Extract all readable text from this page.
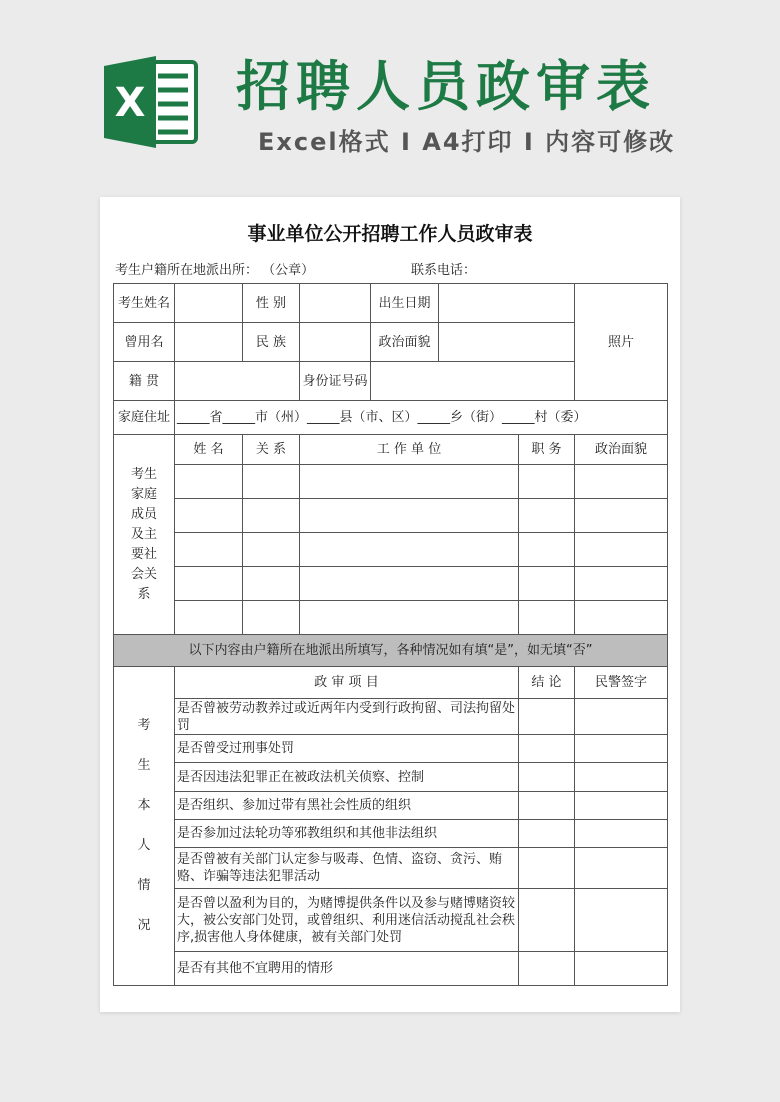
X 招聘人员政审表
Excel格式 I A4打印 I 内容可修改
事业单位公开招聘工作人员政审表
考生户籍所在地派出所： （公章）	联系电话：
考生姓名		性 别		出生日期			照片
曾用名		民 族		政治面貌			
籍 贯			身份证号码				
家庭住址	_____省_____市（州）_____县（市、区）_____乡（街）_____村（委）						

考生家庭成员及主要社会关系	姓 名	关 系	工 作 单 位			职 务	政治面貌

以下内容由户籍所在地派出所填写，各种情况如有填“是”，如无填“否”							

考生本人情况	政 审 项 目					结 论	民警签字
	是否曾被劳动教养过或近两年内受到行政拘留、司法拘留处罚						
	是否曾受过刑事处罚						
	是否因违法犯罪正在被政法机关侦察、控制						
	是否组织、参加过带有黑社会性质的组织						
	是否参加过法轮功等邪教组织和其他非法组织						
	是否曾被有关部门认定参与吸毒、色情、盗窃、贪污、贿赂、诈骗等违法犯罪活动						
	是否曾以盈利为目的，为赌博提供条件以及参与赌博赌资较大，被公安部门处罚，或曾组织、利用迷信活动搅乱社会秩序,损害他人身体健康，被有关部门处罚						
	是否有其他不宜聘用的情形						
